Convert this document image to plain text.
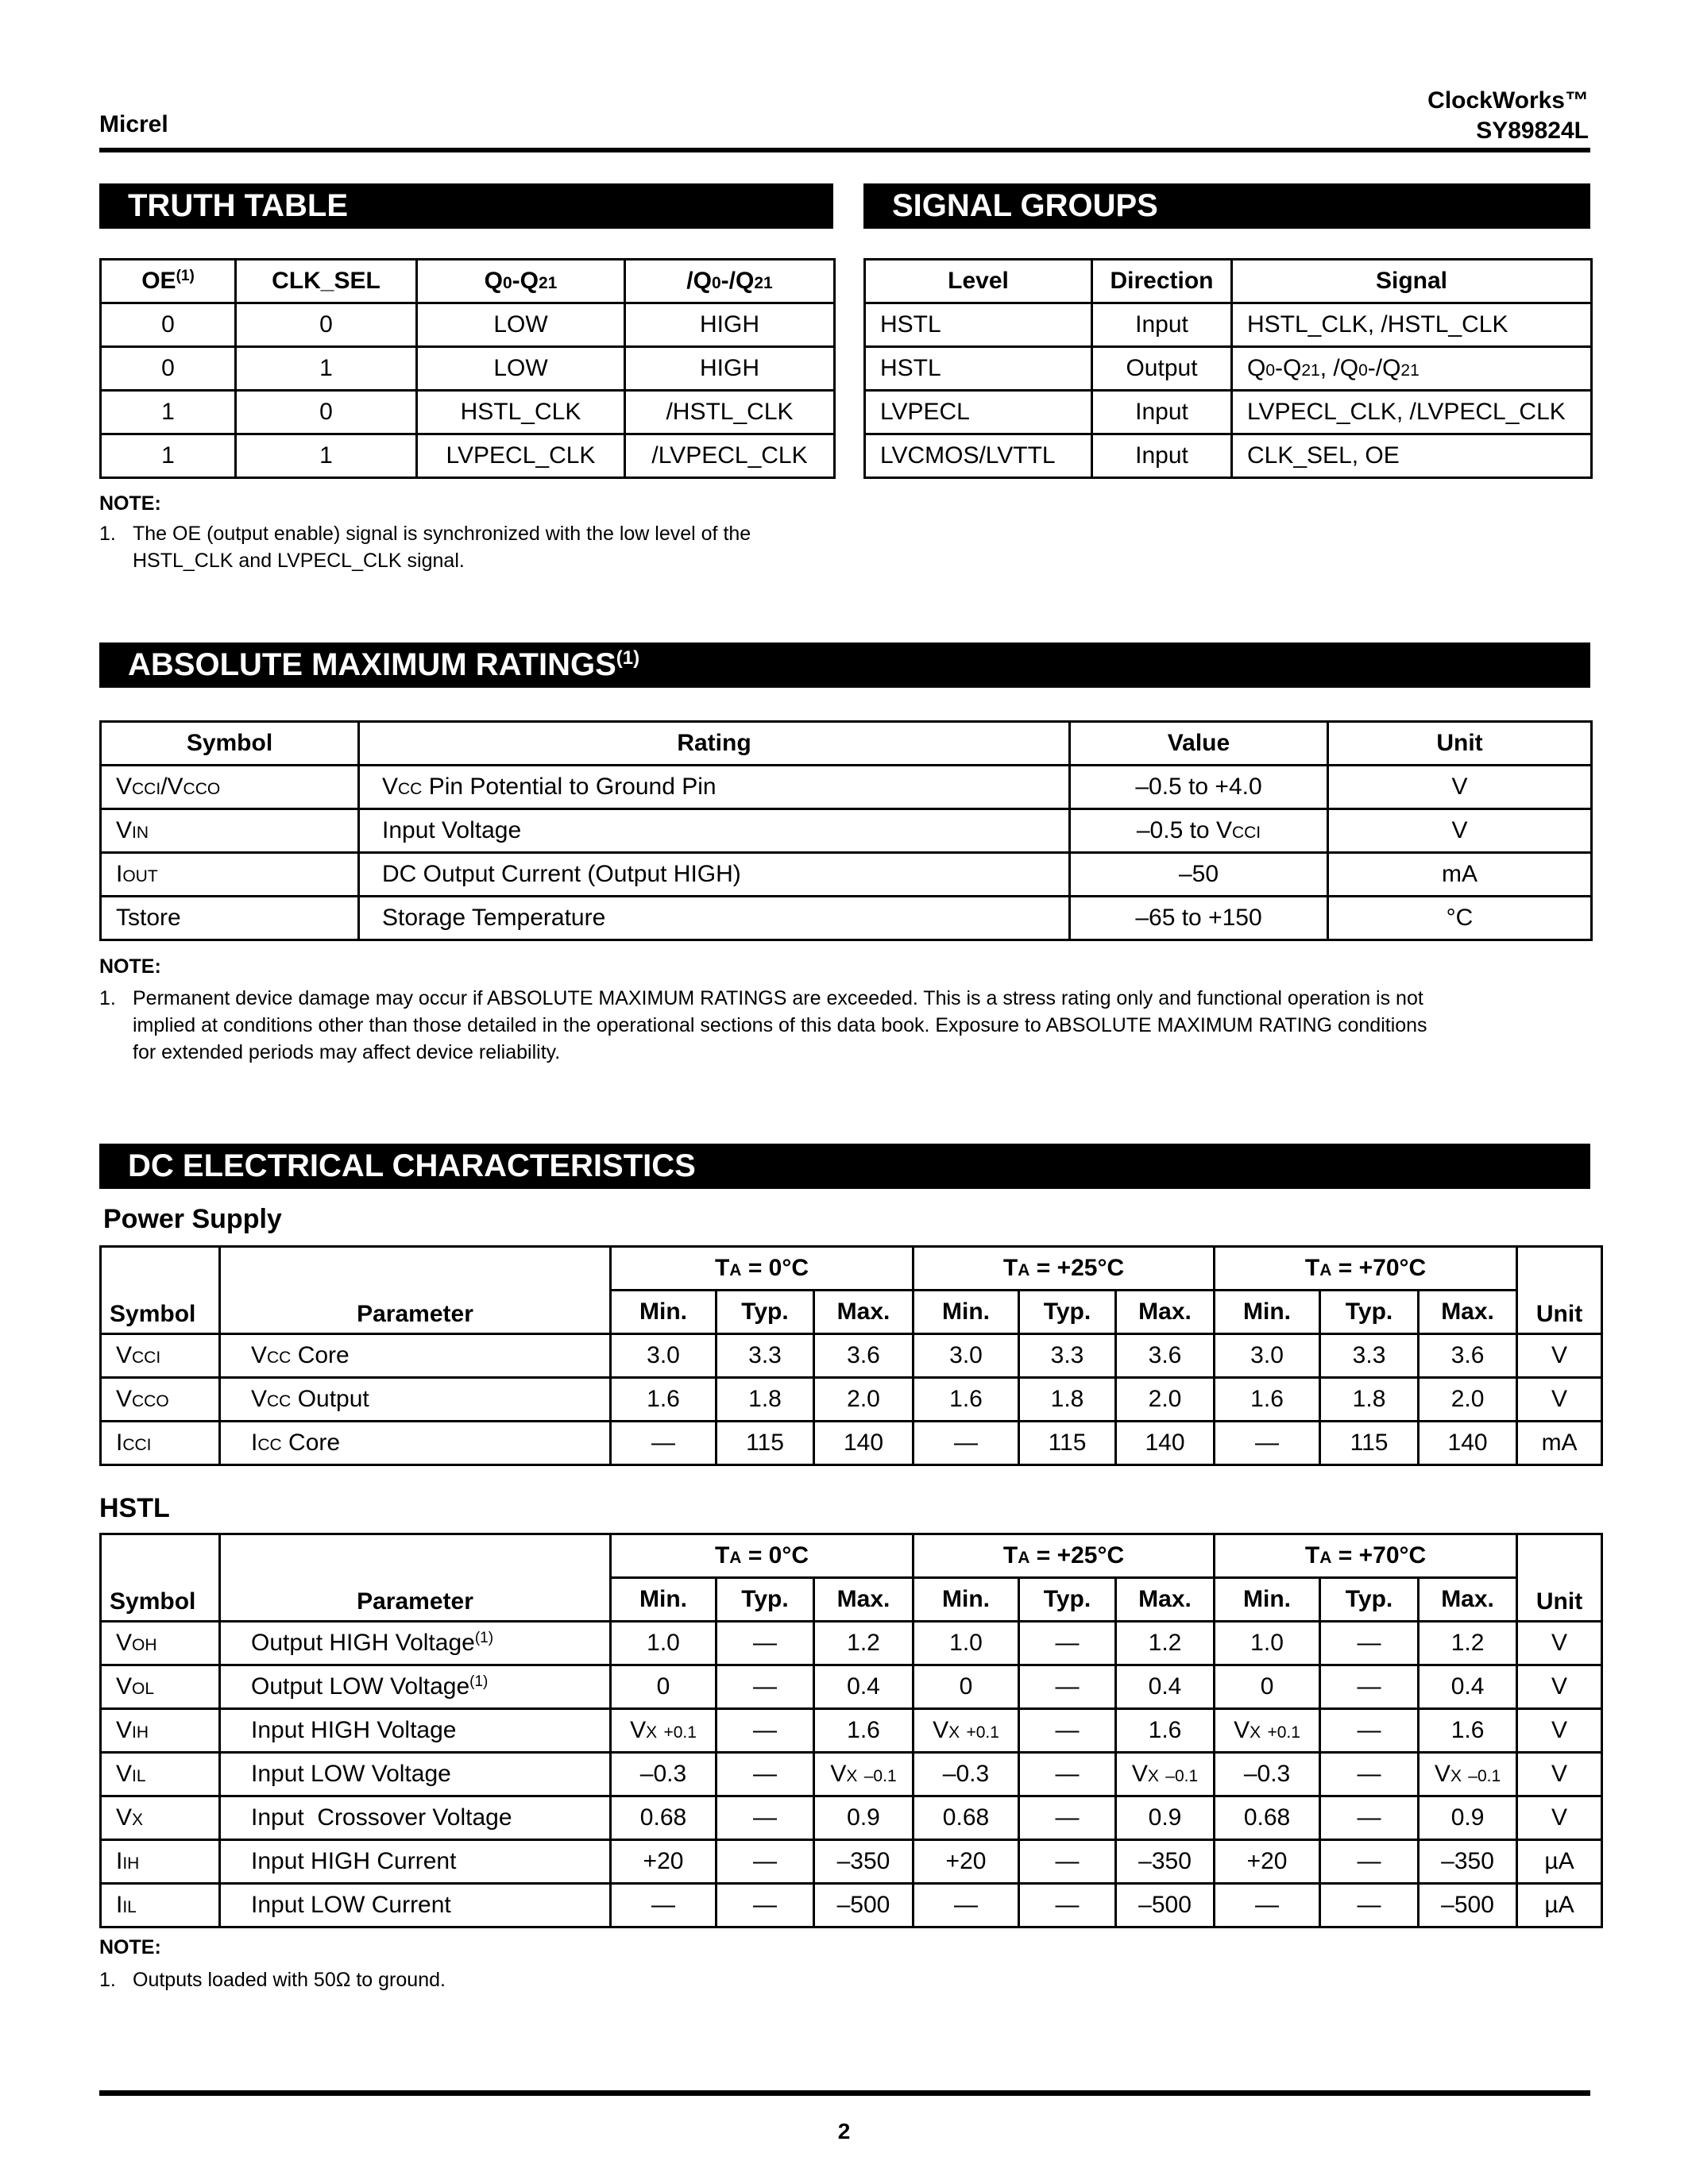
Micrel
ClockWorks™
SY89824L
TRUTH TABLE
OE$^{(1)}$	CLK_SEL	Q0-Q21	/Q0-/Q21
0	0	LOW	HIGH
0	1	LOW	HIGH
1	0	HSTL_CLK	/HSTL_CLK
1	1	LVPECL_CLK	/LVPECL_CLK
NOTE:
1. The OE (output enable) signal is synchronized with the low level of the
HSTL_CLK and LVPECL_CLK signal.
SIGNAL GROUPS
Level	Direction	Signal
HSTL	Input	HSTL_CLK, /HSTL_CLK
HSTL	Output	Q0-Q21, /Q0-/Q21
LVPECL	Input	LVPECL_CLK, /LVPECL_CLK
LVCMOS/LVTTL	Input	CLK_SEL, OE
ABSOLUTE MAXIMUM RATINGS$^{(1)}$
Symbol	Rating	Value	Unit
VCCI/VCCO	VCC Pin Potential to Ground Pin	–0.5 to +4.0	V
VIN	Input Voltage	–0.5 to VCCI	V
IOUT	DC Output Current (Output HIGH)	–50	mA
Tstore	Storage Temperature	–65 to +150	°C
NOTE:
1. Permanent device damage may occur if ABSOLUTE MAXIMUM RATINGS are exceeded. This is a stress rating only and functional operation is not
implied at conditions other than those detailed in the operational sections of this data book. Exposure to ABSOLUTE MAXIMUM RATING conditions
for extended periods may affect device reliability.
DC ELECTRICAL CHARACTERISTICS
Power Supply
Symbol	Parameter	TA = 0°C			TA = +25°C			TA = +70°C			Unit
		Min.	Typ.	Max.	Min.	Typ.	Max.	Min.	Typ.	Max.	
VCCI	VCC Core	3.0	3.3	3.6	3.0	3.3	3.6	3.0	3.3	3.6	V
VCCO	VCC Output	1.6	1.8	2.0	1.6	1.8	2.0	1.6	1.8	2.0	V
ICCI	ICC Core	—	115	140	—	115	140	—	115	140	mA
HSTL
Symbol	Parameter	TA = 0°C			TA = +25°C			TA = +70°C			Unit
		Min.	Typ.	Max.	Min.	Typ.	Max.	Min.	Typ.	Max.	
VOH	Output HIGH Voltage$^{(1)}$	1.0	—	1.2	1.0	—	1.2	1.0	—	1.2	V
VOL	Output LOW Voltage$^{(1)}$	0	—	0.4	0	—	0.4	0	—	0.4	V
VIH	Input HIGH Voltage	VX +0.1	—	1.6	VX +0.1	—	1.6	VX +0.1	—	1.6	V
VIL	Input LOW Voltage	–0.3	—	VX –0.1	–0.3	—	VX –0.1	–0.3	—	VX –0.1	V
VX	Input  Crossover Voltage	0.68	—	0.9	0.68	—	0.9	0.68	—	0.9	V
IIH	Input HIGH Current	+20	—	–350	+20	—	–350	+20	—	–350	µA
IIL	Input LOW Current	—	—	–500	—	—	–500	—	—	–500	µA
NOTE:
1. Outputs loaded with 50Ω to ground.
2
